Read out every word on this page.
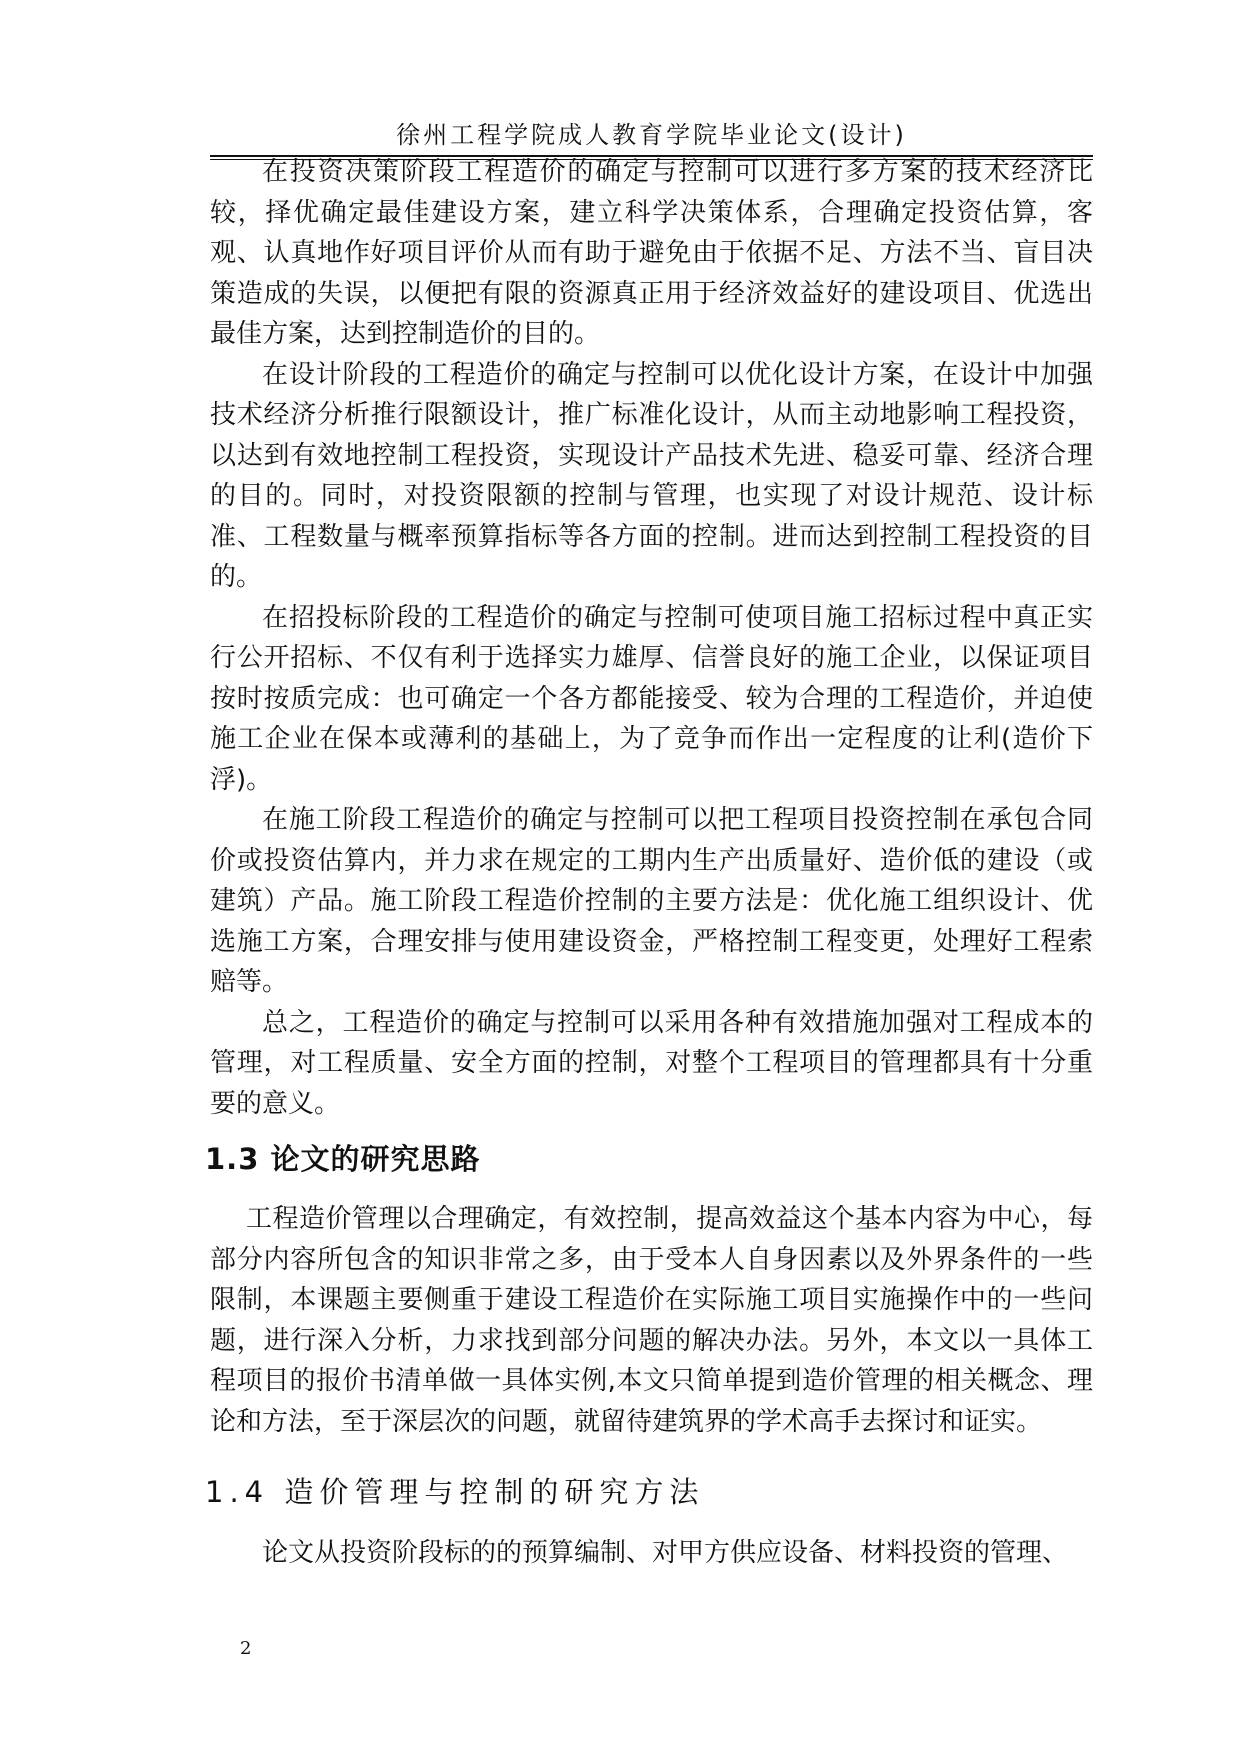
徐州工程学院成人教育学院毕业论文(设计)

在投资决策阶段工程造价的确定与控制可以进行多方案的技术经济比较，择优确定最佳建设方案，建立科学决策体系，合理确定投资估算，客观、认真地作好项目评价从而有助于避免由于依据不足、方法不当、盲目决策造成的失误，以便把有限的资源真正用于经济效益好的建设项目、优选出最佳方案，达到控制造价的目的。

在设计阶段的工程造价的确定与控制可以优化设计方案，在设计中加强技术经济分析推行限额设计，推广标准化设计，从而主动地影响工程投资，以达到有效地控制工程投资，实现设计产品技术先进、稳妥可靠、经济合理的目的。同时，对投资限额的控制与管理，也实现了对设计规范、设计标准、工程数量与概率预算指标等各方面的控制。进而达到控制工程投资的目的。

在招投标阶段的工程造价的确定与控制可使项目施工招标过程中真正实行公开招标、不仅有利于选择实力雄厚、信誉良好的施工企业，以保证项目按时按质完成：也可确定一个各方都能接受、较为合理的工程造价，并迫使施工企业在保本或薄利的基础上，为了竞争而作出一定程度的让利(造价下浮)。

在施工阶段工程造价的确定与控制可以把工程项目投资控制在承包合同价或投资估算内，并力求在规定的工期内生产出质量好、造价低的建设（或建筑）产品。施工阶段工程造价控制的主要方法是：优化施工组织设计、优选施工方案，合理安排与使用建设资金，严格控制工程变更，处理好工程索赔等。

总之，工程造价的确定与控制可以采用各种有效措施加强对工程成本的管理，对工程质量、安全方面的控制，对整个工程项目的管理都具有十分重要的意义。

1.3 论文的研究思路

工程造价管理以合理确定，有效控制，提高效益这个基本内容为中心，每部分内容所包含的知识非常之多，由于受本人自身因素以及外界条件的一些限制，本课题主要侧重于建设工程造价在实际施工项目实施操作中的一些问题，进行深入分析，力求找到部分问题的解决办法。另外，本文以一具体工程项目的报价书清单做一具体实例,本文只简单提到造价管理的相关概念、理论和方法，至于深层次的问题，就留待建筑界的学术高手去探讨和证实。

1.4 造价管理与控制的研究方法

论文从投资阶段标的的预算编制、对甲方供应设备、材料投资的管理、

2
